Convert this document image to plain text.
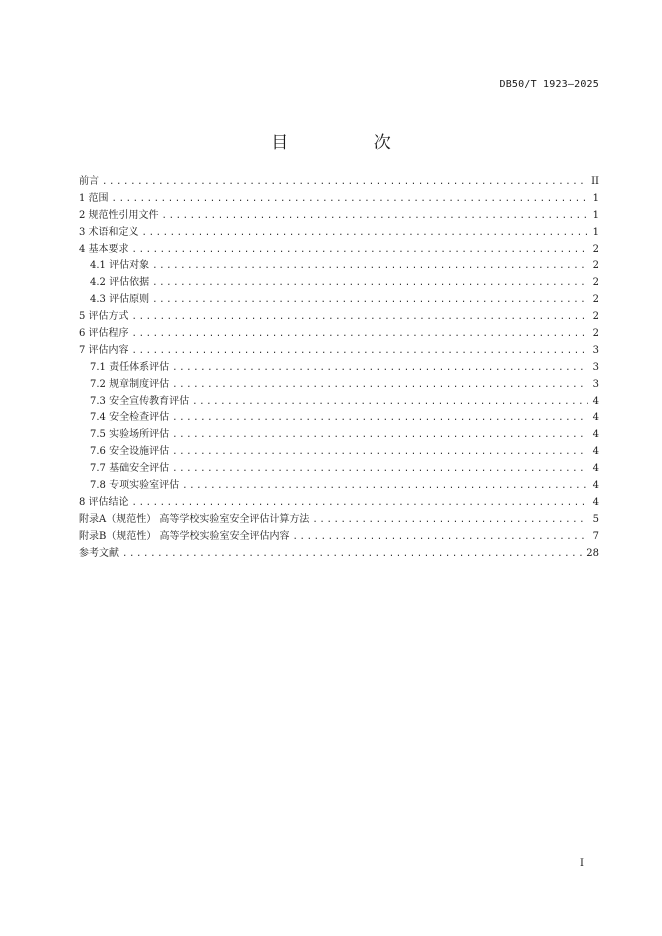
DB50/T 1923—2025
目 次
前言 .....	II
1 范围 .....	1
2 规范性引用文件 .....	1
3 术语和定义 .....	1
4 基本要求 .....	2
4.1 评估对象 .....	2
4.2 评估依据 .....	2
4.3 评估原则 .....	2
5 评估方式 .....	2
6 评估程序 .....	2
7 评估内容 .....	3
7.1 责任体系评估 .....	3
7.2 规章制度评估 .....	3
7.3 安全宣传教育评估 .....	4
7.4 安全检查评估 .....	4
7.5 实验场所评估 .....	4
7.6 安全设施评估 .....	4
7.7 基础安全评估 .....	4
7.8 专项实验室评估 .....	4
8 评估结论 .....	4
附录A（规范性） 高等学校实验室安全评估计算方法 .....	5
附录B（规范性） 高等学校实验室安全评估内容 .....	7
参考文献 .....	28
I
